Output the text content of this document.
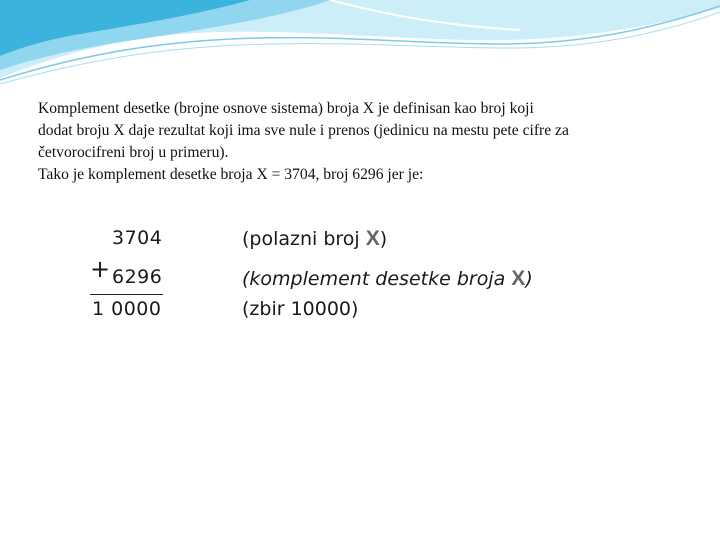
Komplement desetke (brojne osnove sistema) broja X je definisan kao broj koji
dodat broju X daje rezultat koji ima sve nule i prenos (jedinicu na mestu pete cifre za
četvorocifreni broj u primeru).
Tako je komplement desetke broja X = 3704, broj 6296 jer je:

3704
+ 6296
1 0000
(polazni broj X)
(komplement desetke broja X)
(zbir 10000)
